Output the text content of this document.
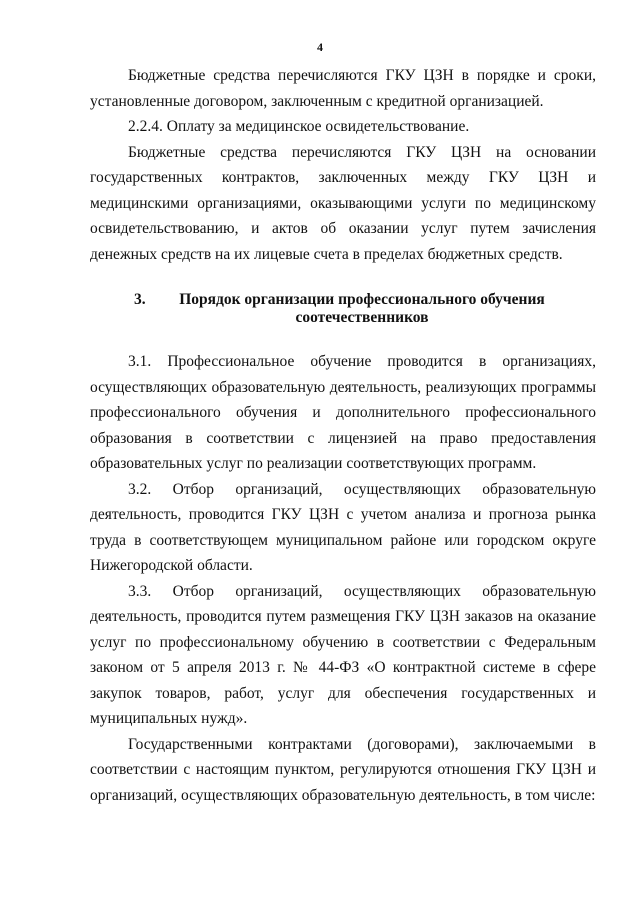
4

Бюджетные средства перечисляются ГКУ ЦЗН в порядке и сроки, установленные договором, заключенным с кредитной организацией.

2.2.4. Оплату за медицинское освидетельствование.

Бюджетные средства перечисляются ГКУ ЦЗН на основании государственных контрактов, заключенных между ГКУ ЦЗН и медицинскими организациями, оказывающими услуги по медицинскому освидетельствованию, и актов об оказании услуг путем зачисления денежных средств на их лицевые счета в пределах бюджетных средств.

3.	Порядок организации профессионального обучения соотечественников

3.1. Профессиональное обучение проводится в организациях, осуществляющих образовательную деятельность, реализующих программы профессионального обучения и дополнительного профессионального образования в соответствии с лицензией на право предоставления образовательных услуг по реализации соответствующих программ.

3.2. Отбор организаций, осуществляющих образовательную деятельность, проводится ГКУ ЦЗН с учетом анализа и прогноза рынка труда в соответствующем муниципальном районе или городском округе Нижегородской области.

3.3. Отбор организаций, осуществляющих образовательную деятельность, проводится путем размещения ГКУ ЦЗН заказов на оказание услуг по профессиональному обучению в соответствии с Федеральным законом от 5 апреля 2013 г. № 44-ФЗ «О контрактной системе в сфере закупок товаров, работ, услуг для обеспечения государственных и муниципальных нужд».

Государственными контрактами (договорами), заключаемыми в соответствии с настоящим пунктом, регулируются отношения ГКУ ЦЗН и организаций, осуществляющих образовательную деятельность, в том числе:
